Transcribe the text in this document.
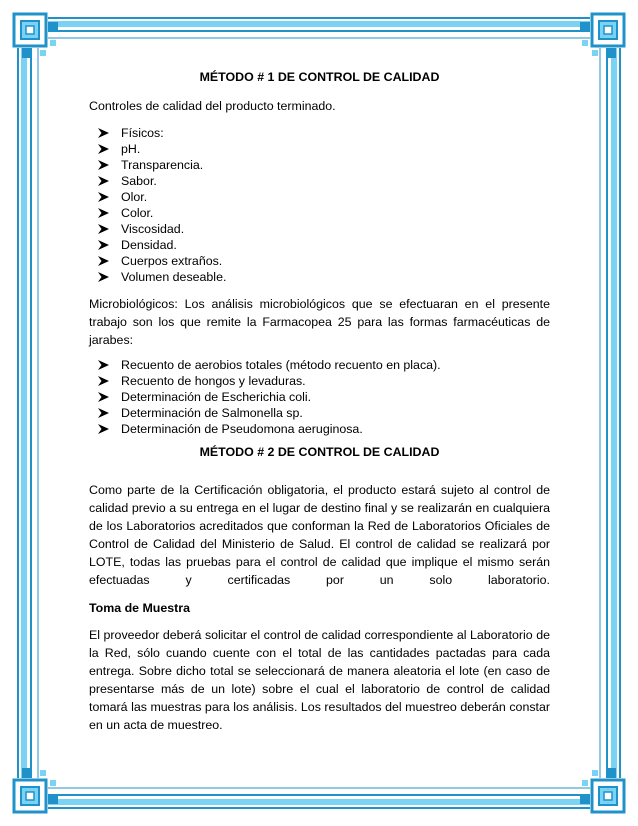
MÉTODO # 1 DE CONTROL DE CALIDAD

Controles de calidad del producto terminado.

Físicos:
pH.
Transparencia.
Sabor.
Olor.
Color.
Viscosidad.
Densidad.
Cuerpos extraños.
Volumen deseable.

Microbiológicos: Los análisis microbiológicos que se efectuaran en el presente trabajo son los que remite la Farmacopea 25 para las formas farmacéuticas de jarabes:

Recuento de aerobios totales (método recuento en placa).
Recuento de hongos y levaduras.
Determinación de Escherichia coli.
Determinación de Salmonella sp.
Determinación de Pseudomona aeruginosa.

MÉTODO # 2 DE CONTROL DE CALIDAD

Como parte de la Certificación obligatoria, el producto estará sujeto al control de calidad previo a su entrega en el lugar de destino final y se realizarán en cualquiera de los Laboratorios acreditados que conforman la Red de Laboratorios Oficiales de Control de Calidad del Ministerio de Salud. El control de calidad se realizará por LOTE, todas las pruebas para el control de calidad que implique el mismo serán efectuadas y certificadas por un solo laboratorio.

Toma de Muestra

El proveedor deberá solicitar el control de calidad correspondiente al Laboratorio de la Red, sólo cuando cuente con el total de las cantidades pactadas para cada entrega. Sobre dicho total se seleccionará de manera aleatoria el lote (en caso de presentarse más de un lote) sobre el cual el laboratorio de control de calidad tomará las muestras para los análisis. Los resultados del muestreo deberán constar en un acta de muestreo.
